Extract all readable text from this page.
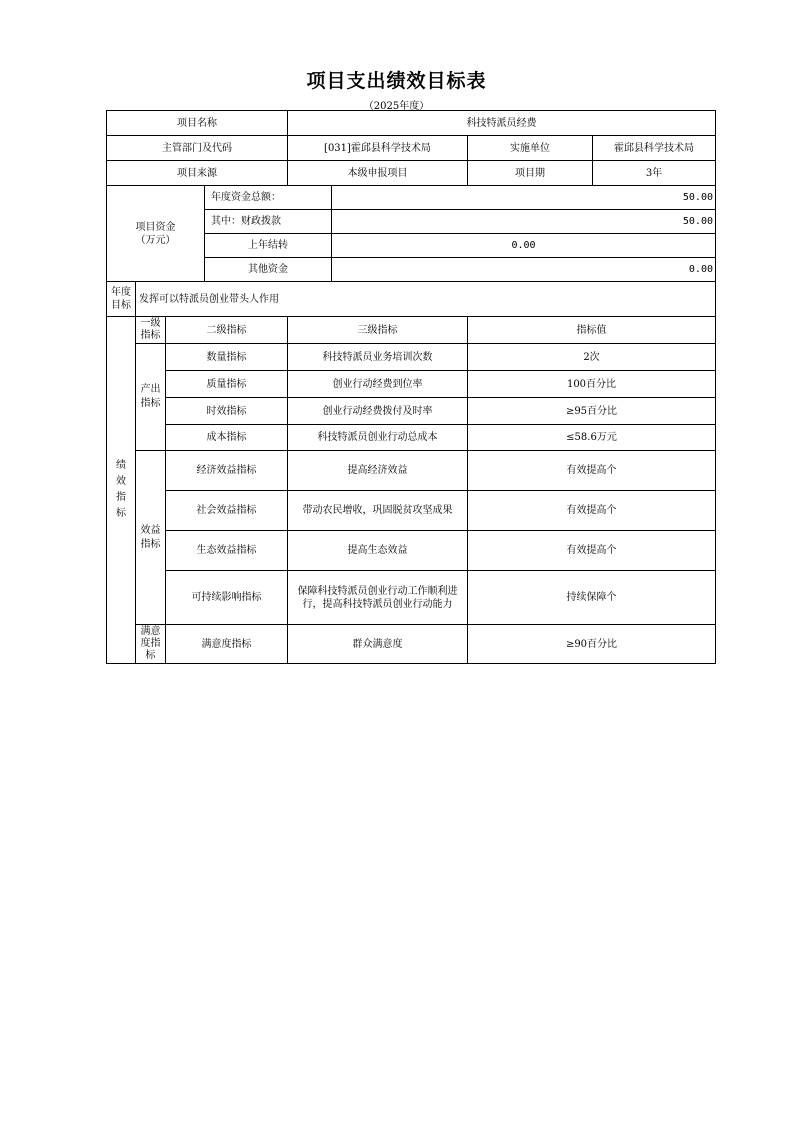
项目支出绩效目标表
（2025年度）
项目名称				科技特派员经费		
主管部门及代码				[031]霍邱县科学技术局		实施单位 霍邱县科学技术局

项目来源				本级申报项目		项目期 3年

项目资金
（万元）			年度资金总额：		50.00	
			其中：财政拨款		50.00	
			上年结转		0.00	
			其他资金		0.00	

年度
目标	发挥可以特派员创业带头人作用					

绩效指标	一级指标	二级指标		三级指标		指标值

	产出指标	数量指标		科技特派员业务培训次数		2次
		质量指标		创业行动经费到位率		100百分比
		时效指标		创业行动经费拨付及时率		≥95百分比
		成本指标		科技特派员创业行动总成本		≤58.6万元

	效益指标	经济效益指标		提高经济效益		有效提高个
		社会效益指标		带动农民增收，巩固脱贫攻坚成果		有效提高个
		生态效益指标		提高生态效益		有效提高个
		可持续影响指标		保障科技特派员创业行动工作顺利进行，提高科技特派员创业行动能力		持续保障个

	满意度指标	满意度指标		群众满意度		≥90百分比
